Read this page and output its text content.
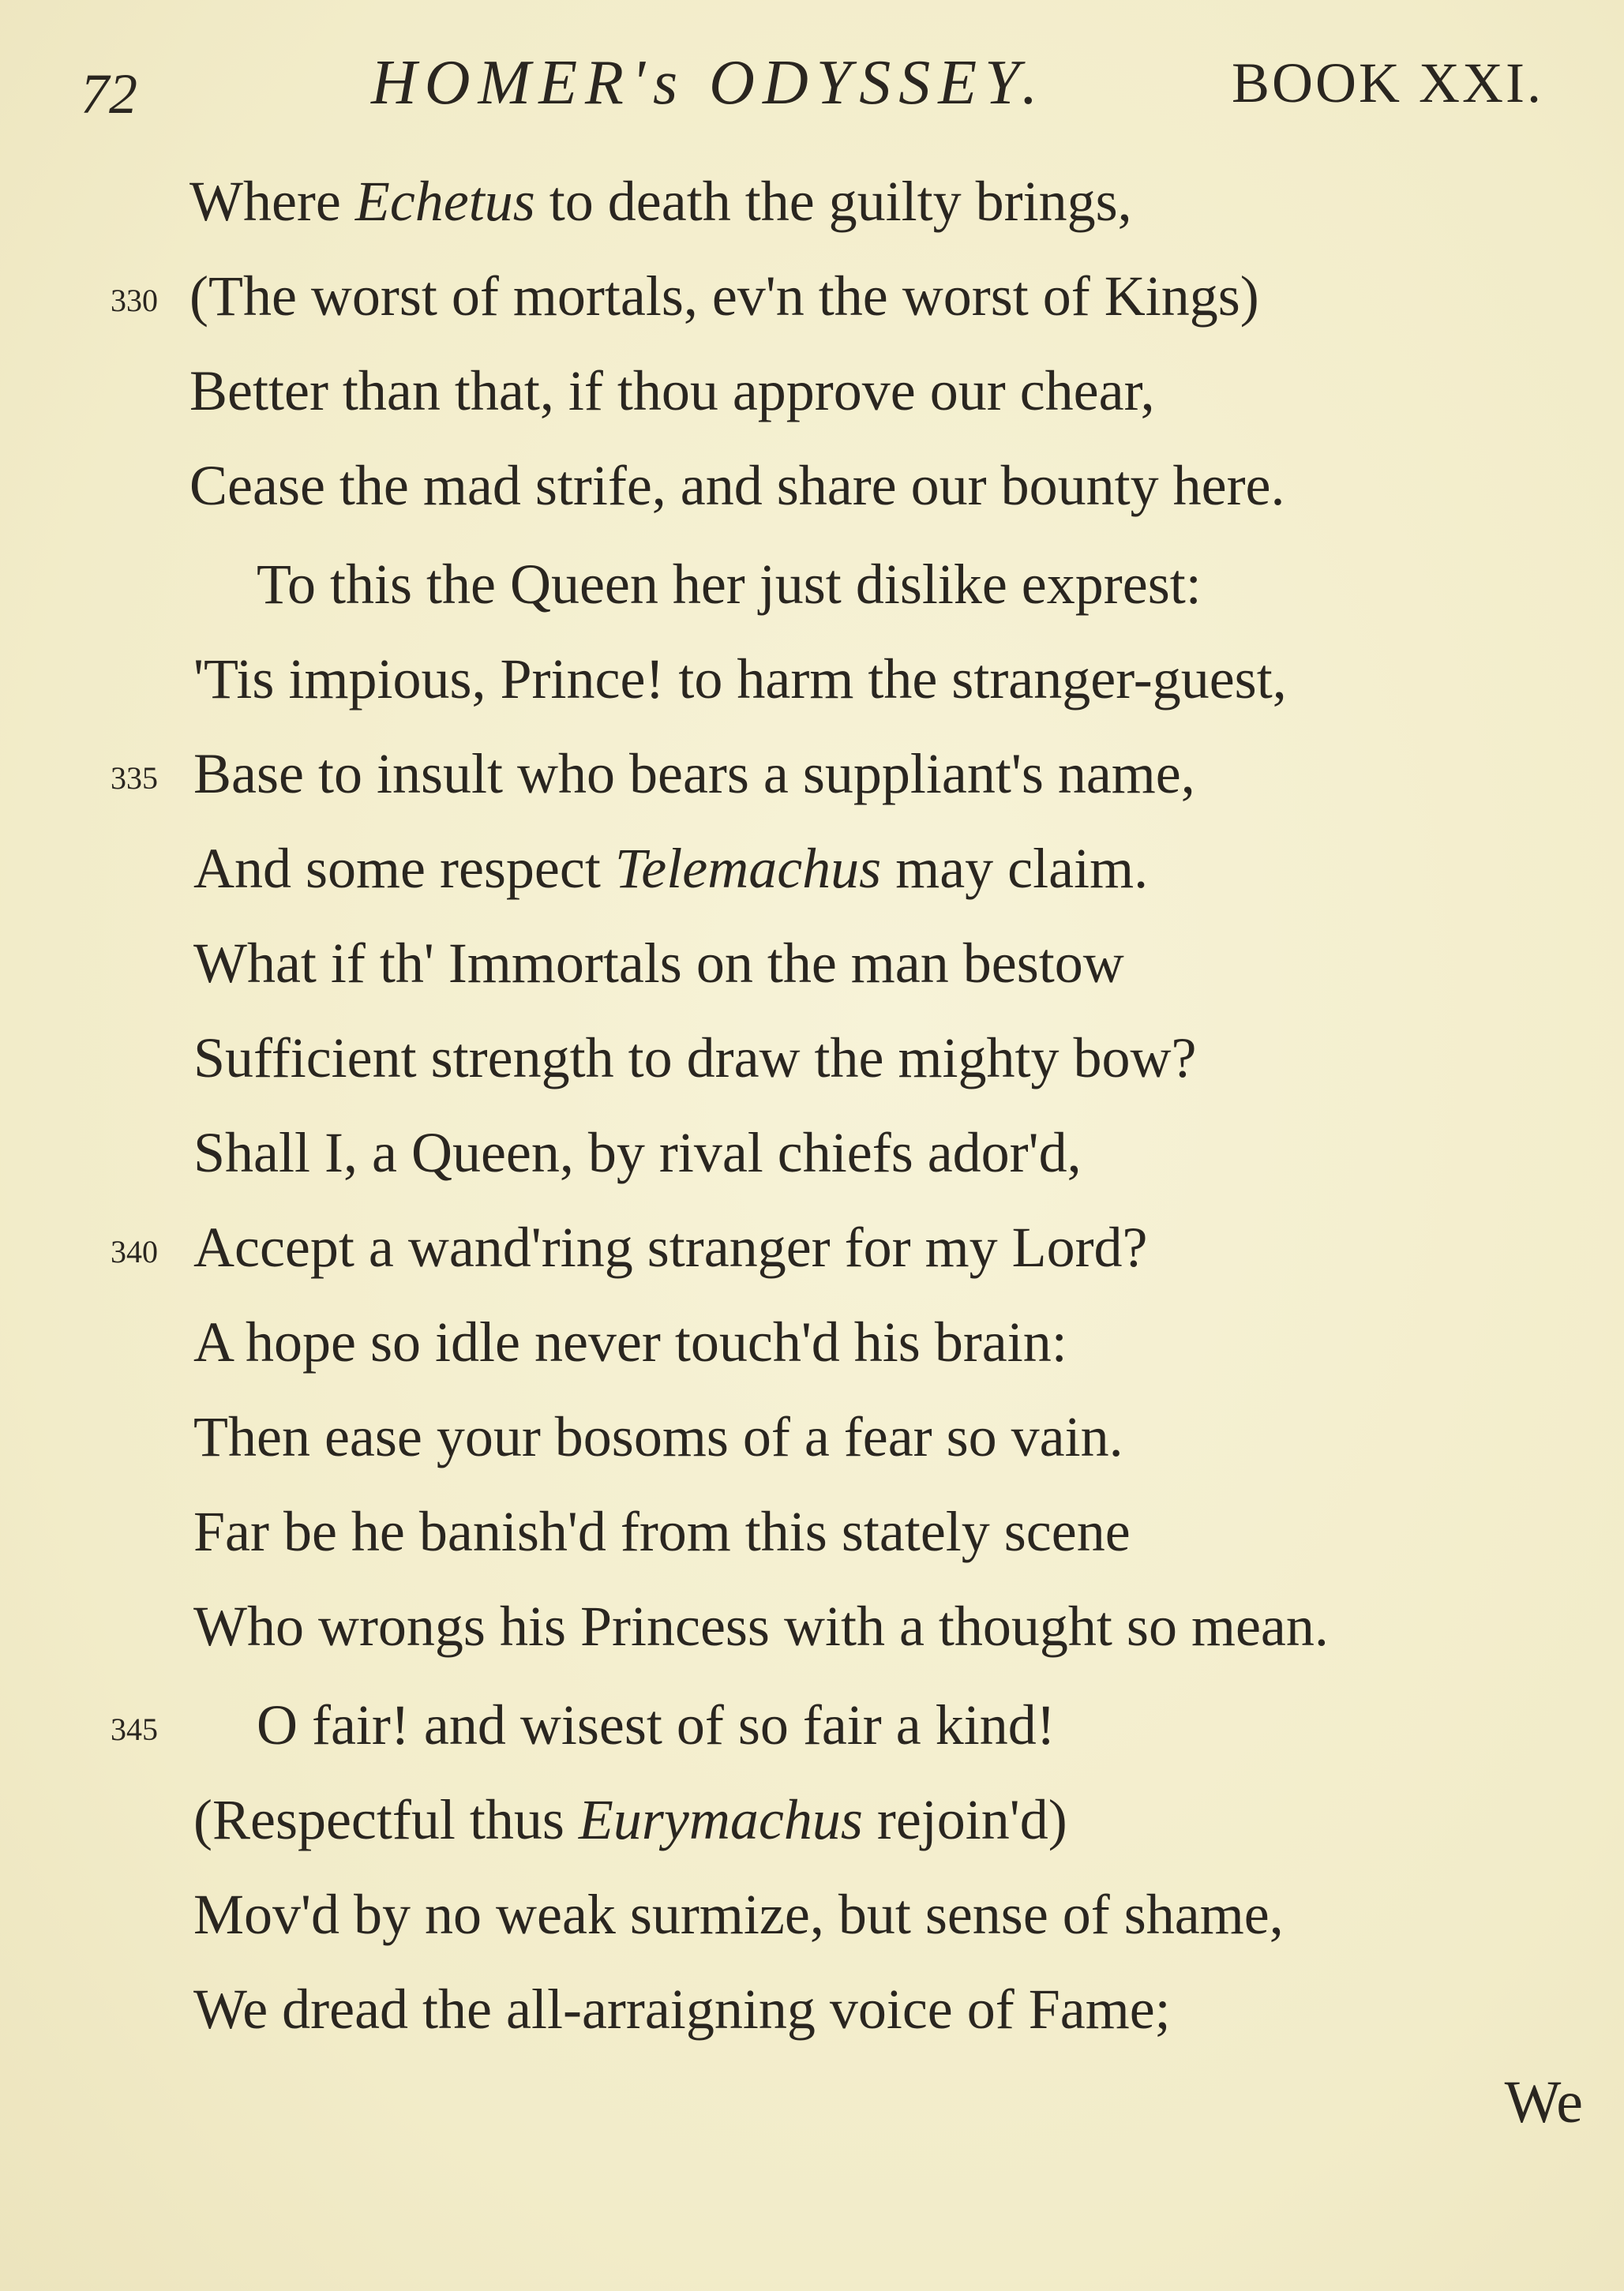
72	HOMER's ODYSSEY.	BOOK XXI.
Where Echetus to death the guilty brings,
330 (The worst of mortals, ev'n the worst of Kings)
Better than that, if thou approve our chear,
Cease the mad strife, and share our bounty here.
To this the Queen her just dislike exprest:
'Tis impious, Prince! to harm the stranger-guest,
335 Base to insult who bears a suppliant's name,
And some respect Telemachus may claim.
What if th' Immortals on the man bestow
Sufficient strength to draw the mighty bow?
Shall I, a Queen, by rival chiefs ador'd,
340 Accept a wand'ring stranger for my Lord?
A hope so idle never touch'd his brain:
Then ease your bosoms of a fear so vain.
Far be he banish'd from this stately scene
Who wrongs his Princess with a thought so mean.
345	O fair! and wisest of so fair a kind!
(Respectful thus Eurymachus rejoin'd)
Mov'd by no weak surmize, but sense of shame,
We dread the all-arraigning voice of Fame;
We
